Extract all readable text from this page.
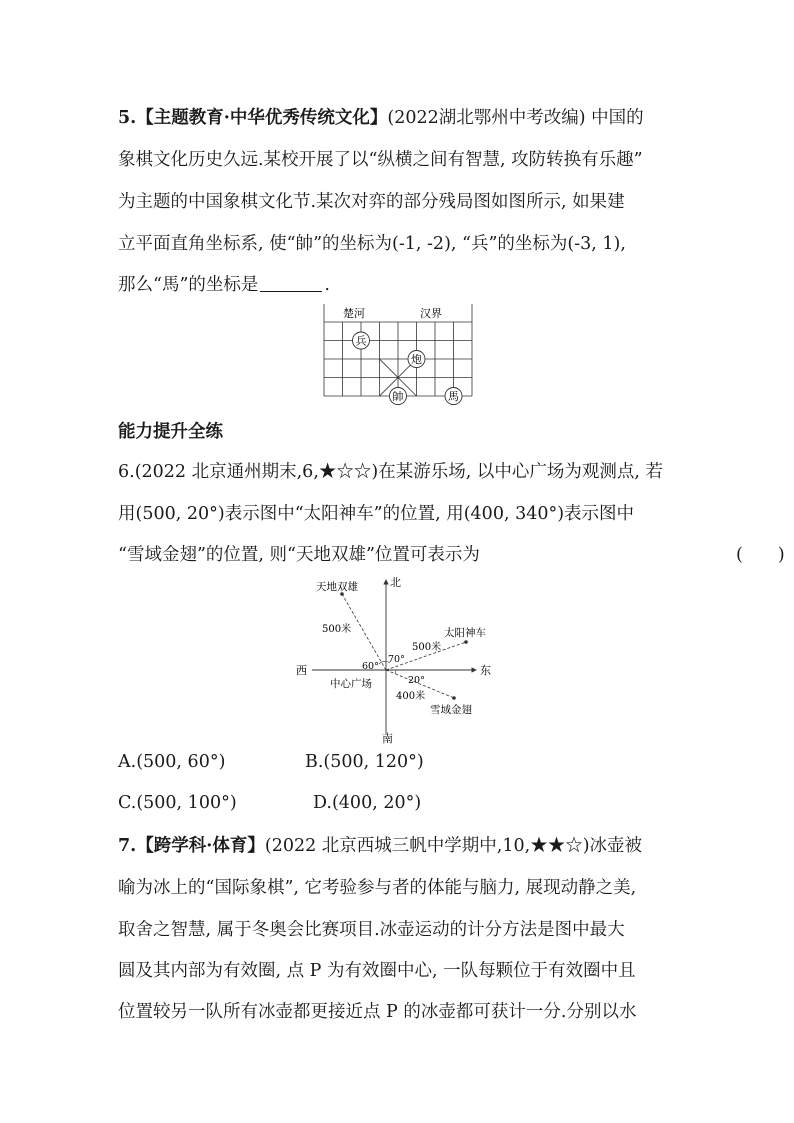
5.【主题教育·中华优秀传统文化】(2022湖北鄂州中考改编) 中国的
象棋文化历史久远.某校开展了以“纵横之间有智慧, 攻防转换有乐趣”
为主题的中国象棋文化节.某次对弈的部分残局图如图所示, 如果建
立平面直角坐标系, 使“帥”的坐标为(-1, -2), “兵”的坐标为(-3, 1),
那么“馬”的坐标是	.
楚河	汉界
兵
炮
帥	馬
能力提升全练
6.(2022 北京通州期末,6,★☆☆)在某游乐场, 以中心广场为观测点, 若
用(500, 20°)表示图中“太阳神车”的位置, 用(400, 340°)表示图中
“雪域金翅”的位置, 则“天地双雄”位置可表示为	(　　)
北
南
东
西
中心广场
天地双雄
500米
60°
太阳神车
500米
70°
雪域金翅
400米
20°
A.(500, 60°)	B.(500, 120°)
C.(500, 100°)	D.(400, 20°)
7.【跨学科·体育】(2022 北京西城三帆中学期中,10,★★☆)冰壶被
喻为冰上的“国际象棋”, 它考验参与者的体能与脑力, 展现动静之美,
取舍之智慧, 属于冬奥会比赛项目.冰壶运动的计分方法是图中最大
圆及其内部为有效圈, 点 P 为有效圈中心, 一队每颗位于有效圈中且
位置较另一队所有冰壶都更接近点 P 的冰壶都可获计一分.分别以水
